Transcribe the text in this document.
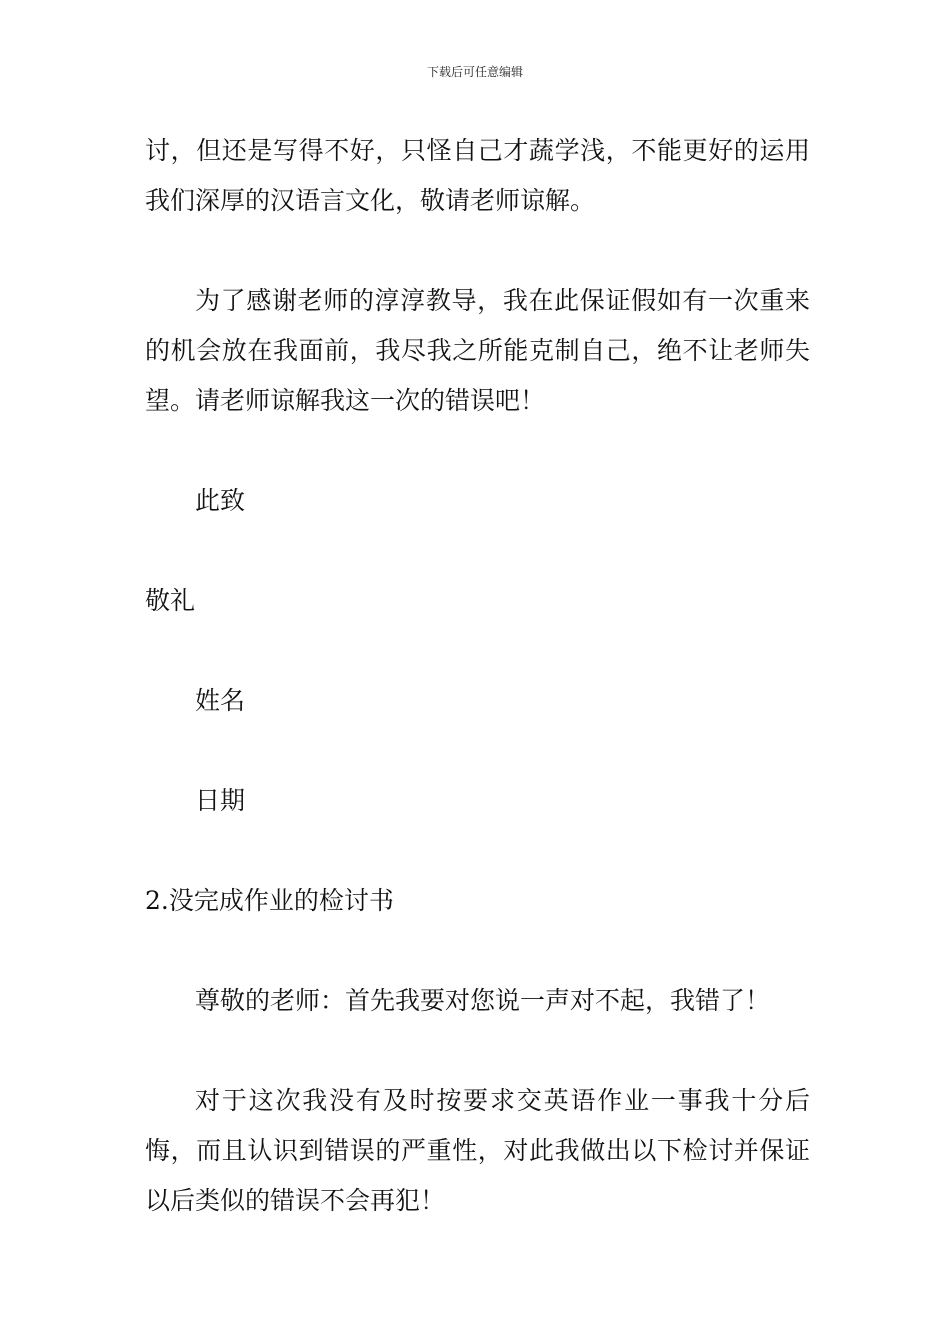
下载后可任意编辑

讨，但还是写得不好，只怪自己才蔬学浅，不能更好的运用我们深厚的汉语言文化，敬请老师谅解。

为了感谢老师的淳淳教导，我在此保证假如有一次重来的机会放在我面前，我尽我之所能克制自己，绝不让老师失望。请老师谅解我这一次的错误吧！

此致

敬礼

姓名

日期

2.没完成作业的检讨书

尊敬的老师：首先我要对您说一声对不起，我错了！

对于这次我没有及时按要求交英语作业一事我十分后悔，而且认识到错误的严重性，对此我做出以下检讨并保证以后类似的错误不会再犯！
